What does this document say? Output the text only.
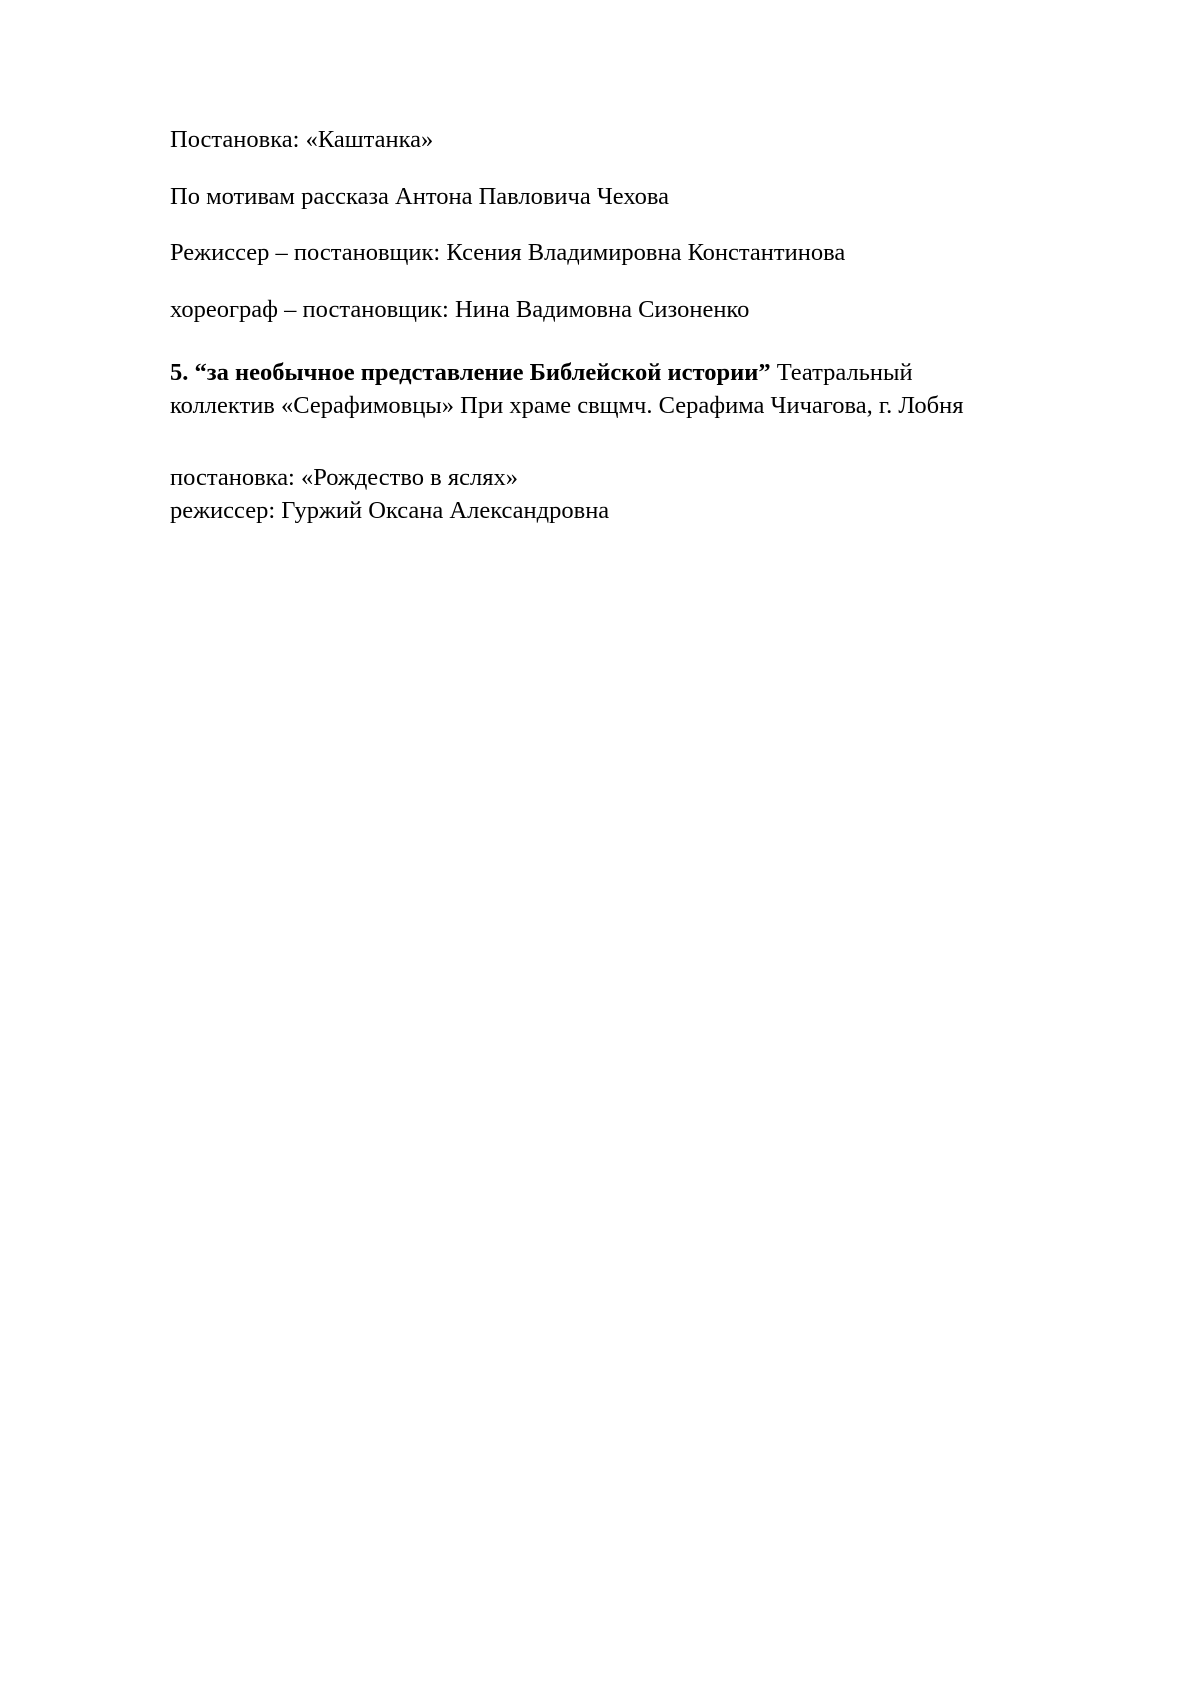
Постановка: «Каштанка»
По мотивам рассказа Антона Павловича Чехова
Режиссер – постановщик: Ксения Владимировна Константинова
хореограф – постановщик: Нина Вадимовна Сизоненко
5. “за необычное представление Библейской истории” Театральный
коллектив «Серафимовцы» При храме свщмч. Серафима Чичагова, г. Лобня
постановка: «Рождество в яслях»
режиссер: Гуржий Оксана Александровна
